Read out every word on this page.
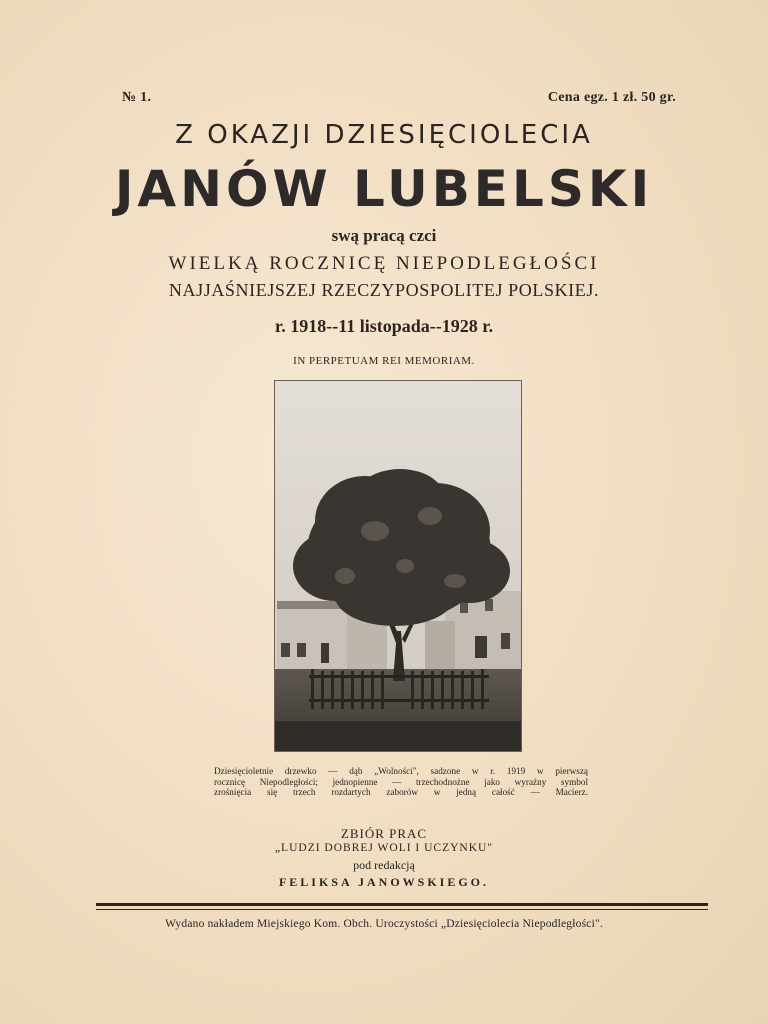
№ 1.	Cena egz. 1 zł. 50 gr.
Z OKAZJI DZIESIĘCIOLECIA
JANÓW LUBELSKI
swą pracą czci
WIELKĄ ROCZNICĘ NIEPODLEGŁOŚCI
NAJJAŚNIEJSZEJ RZECZYPOSPOLITEJ POLSKIEJ.
r. 1918--11 listopada--1928 r.
IN PERPETUAM REI MEMORIAM.
Dziesięcioletnie drzewko — dąb „Wolności", sadzone w r. 1919 w pierwszą
rocznicę Niepodległości; jednopienne — trzechodnożne jako wyraźny symbol
zrośnięcia się trzech rozdartych zaborów w jedną całość — Macierz.
ZBIÓR PRAC
„LUDZI DOBREJ WOLI I UCZYNKU"
pod redakcją
FELIKSA JANOWSKIEGO.
Wydano nakładem Miejskiego Kom. Obch. Uroczystości „Dziesięciolecia Niepodległości".
